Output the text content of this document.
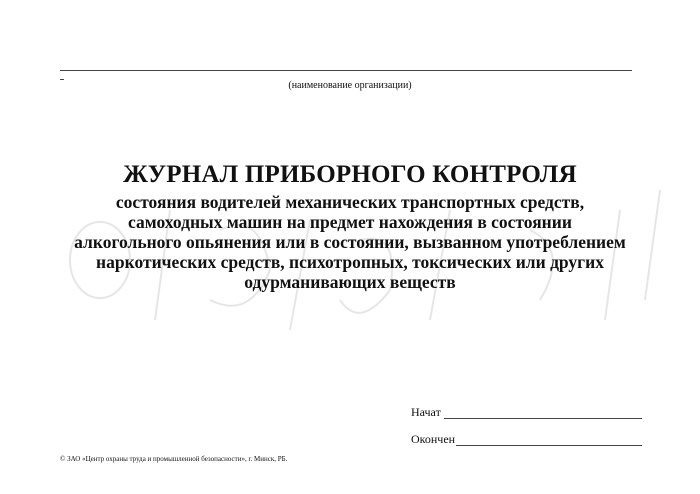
(наименование организации)
ЖУРНАЛ ПРИБОРНОГО КОНТРОЛЯ
состояния водителей механических транспортных средств,
самоходных машин на предмет нахождения в состоянии
алкогольного опьянения или в состоянии, вызванном употреблением
наркотических средств, психотропных, токсических или других
одурманивающих веществ
Начат
Окончен
© ЗАО «Центр охраны труда и промышленной безопасности», г. Минск, РБ.
